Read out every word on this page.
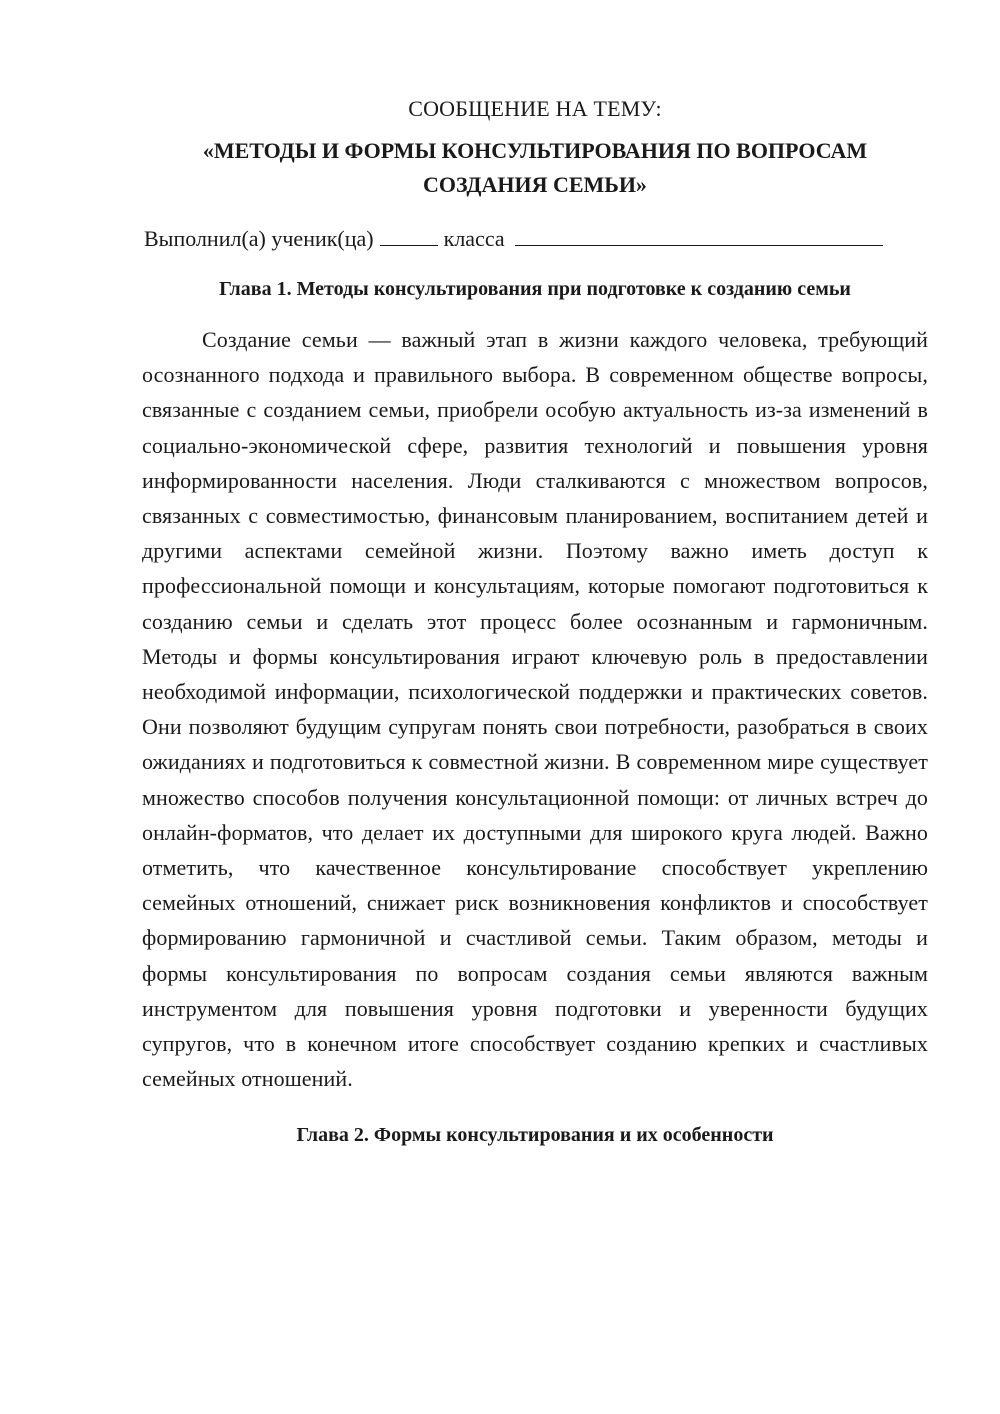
СООБЩЕНИЕ НА ТЕМУ:

«МЕТОДЫ И ФОРМЫ КОНСУЛЬТИРОВАНИЯ ПО ВОПРОСАМ СОЗДАНИЯ СЕМЬИ»

Выполнил(а) ученик(ца)	класса

Глава 1. Методы консультирования при подготовке к созданию семьи

Создание семьи — важный этап в жизни каждого человека, требующий осознанного подхода и правильного выбора. В современном обществе вопросы, связанные с созданием семьи, приобрели особую актуальность из-за изменений в социально-экономической сфере, развития технологий и повышения уровня информированности населения. Люди сталкиваются с множеством вопросов, связанных с совместимостью, финансовым планированием, воспитанием детей и другими аспектами семейной жизни. Поэтому важно иметь доступ к профессиональной помощи и консультациям, которые помогают подготовиться к созданию семьи и сделать этот процесс более осознанным и гармоничным. Методы и формы консультирования играют ключевую роль в предоставлении необходимой информации, психологической поддержки и практических советов. Они позволяют будущим супругам понять свои потребности, разобраться в своих ожиданиях и подготовиться к совместной жизни. В современном мире существует множество способов получения консультационной помощи: от личных встреч до онлайн-форматов, что делает их доступными для широкого круга людей. Важно отметить, что качественное консультирование способствует укреплению семейных отношений, снижает риск возникновения конфликтов и способствует формированию гармоничной и счастливой семьи. Таким образом, методы и формы консультирования по вопросам создания семьи являются важным инструментом для повышения уровня подготовки и уверенности будущих супругов, что в конечном итоге способствует созданию крепких и счастливых семейных отношений.

Глава 2. Формы консультирования и их особенности
